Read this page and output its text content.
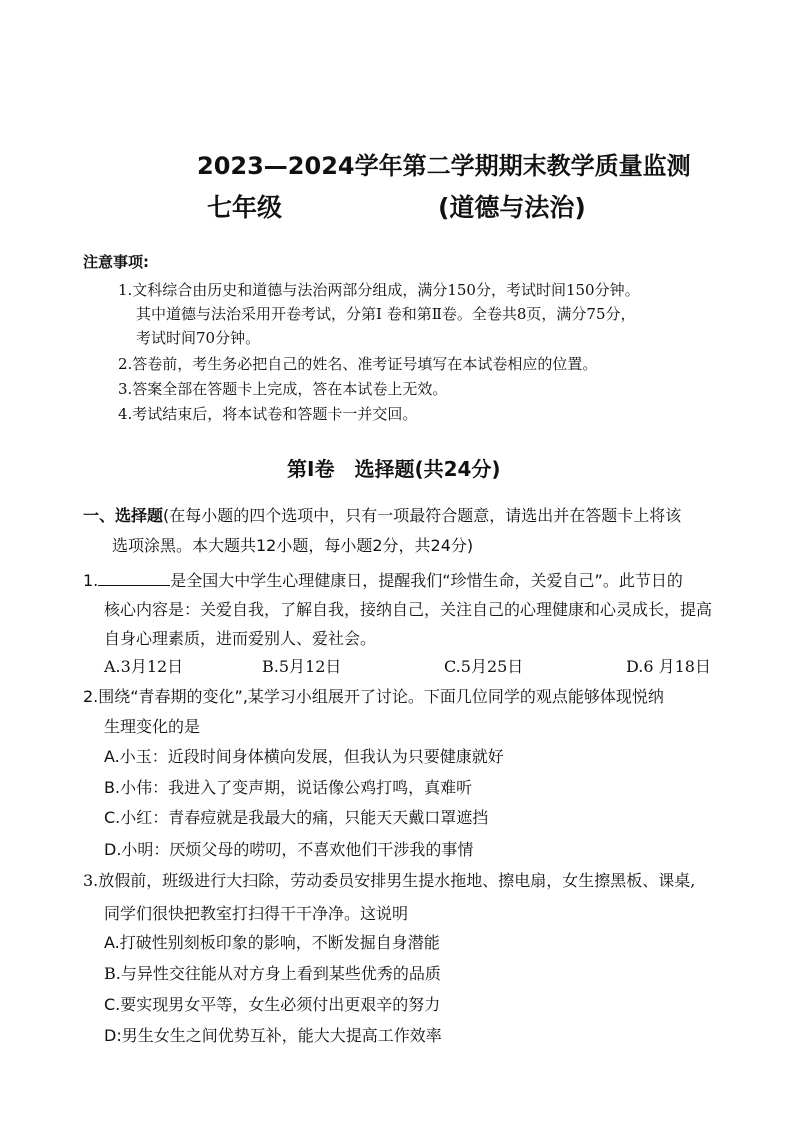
2023—2024学年第二学期期末教学质量监测
七年级	(道德与法治)
注意事项:
1.文科综合由历史和道德与法治两部分组成，满分150分，考试时间150分钟。
其中道德与法治采用开卷考试，分第I 卷和第Ⅱ卷。全卷共8页，满分75分，
考试时间70分钟。
2.答卷前，考生务必把自己的姓名、准考证号填写在本试卷相应的位置。
3.答案全部在答题卡上完成，答在本试卷上无效。
4.考试结束后，将本试卷和答题卡一并交回。
第I卷　选择题(共24分)
一、选择题(在每小题的四个选项中，只有一项最符合题意，请选出并在答题卡上将该
选项涂黑。本大题共12小题，每小题2分，共24分)
1.	是全国大中学生心理健康日，提醒我们“珍惜生命，关爱自己”。此节日的
核心内容是：关爱自我，了解自我，接纳自己，关注自己的心理健康和心灵成长，提高
自身心理素质，进而爱别人、爱社会。
A.3月12日	B.5月12日	C.5月25日	D.6 月18日
2.围绕“青春期的变化”,某学习小组展开了讨论。下面几位同学的观点能够体现悦纳
生理变化的是
A.小玉：近段时间身体横向发展，但我认为只要健康就好
B.小伟：我进入了变声期，说话像公鸡打鸣，真难听
C.小红：青春痘就是我最大的痛，只能天天戴口罩遮挡
D.小明：厌烦父母的唠叨，不喜欢他们干涉我的事情
3.放假前，班级进行大扫除，劳动委员安排男生提水拖地、擦电扇，女生擦黑板、课桌,
同学们很快把教室打扫得干干净净。这说明
A.打破性别刻板印象的影响，不断发掘自身潜能
B.与异性交往能从对方身上看到某些优秀的品质
C.要实现男女平等，女生必须付出更艰辛的努力
D:男生女生之间优势互补，能大大提高工作效率
